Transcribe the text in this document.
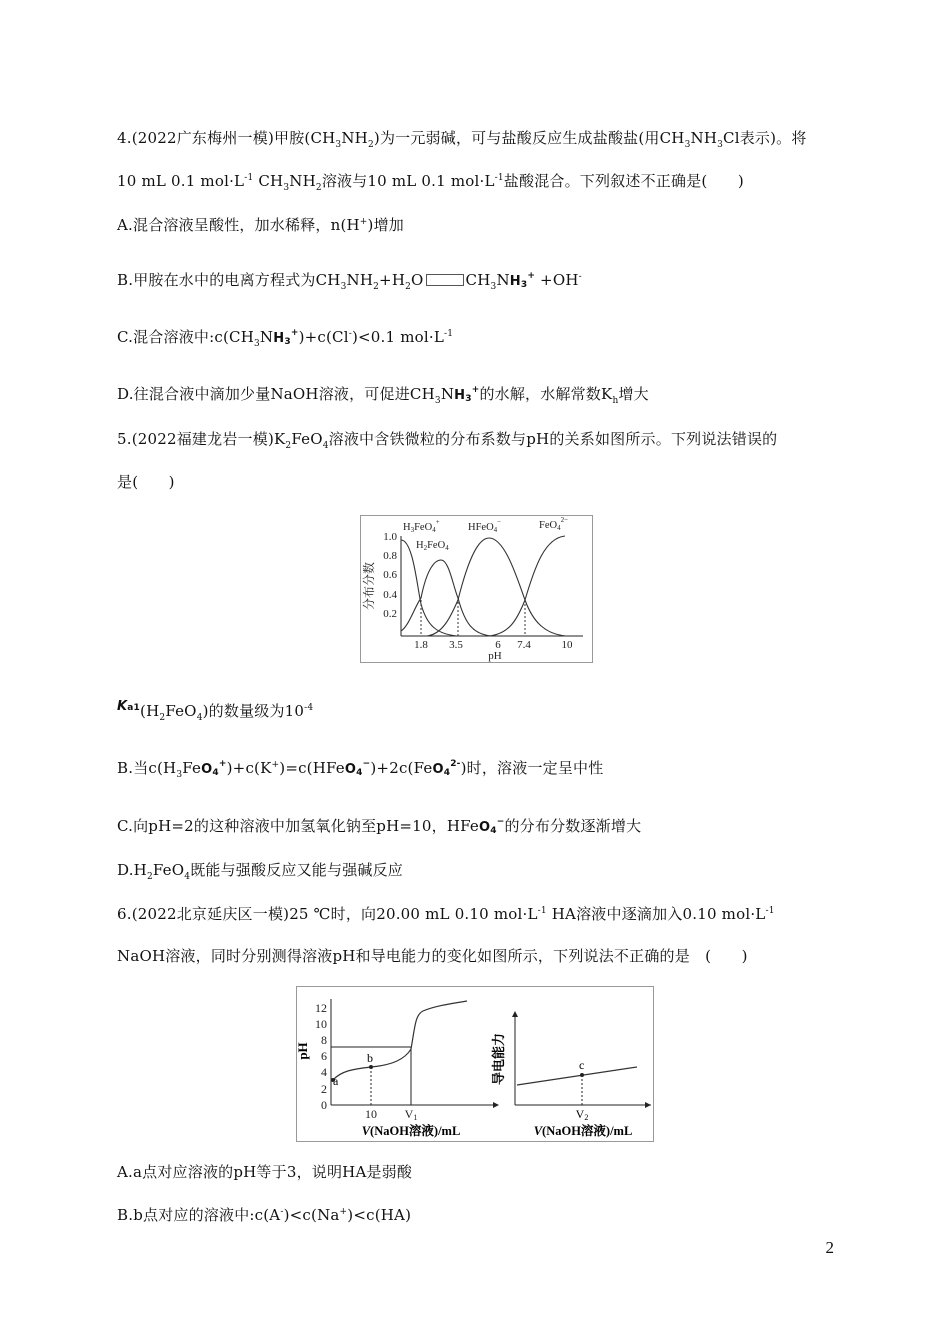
4.(2022广东梅州一模)甲胺$(CH_3NH_2)$为一元弱碱，可与盐酸反应生成盐酸盐(用$CH_3NH_3Cl$表示)。将
10 mL 0.1 $mol\cdot L^{-1}$ $CH_3NH_2$溶液与10 mL 0.1 $mol\cdot L^{-1}$盐酸混合。下列叙述不正确是(　　)
A.混合溶液呈酸性，加水稀释，n(H+)增加
B.甲胺在水中的电离方程式为$CH_3NH_2+H_2O$	$CH_3NH3^+ +OH^-$
C.混合溶液中$:c(CH_3NH3^+)+c(Cl^-)<0.1$ $mol\cdot L^{-1}$
D.往混合液中滴加少量NaOH溶液，可促进$CH_3NH3^+$的水解，水解常数$K_h$增大
5.(2022福建龙岩一模)$K_2FeO_4$溶液中含铁微粒的分布系数与pH的关系如图所示。下列说法错误的
是(　　)
1.0
0.8
0.6
0.4
0.2
分布分数
1.8 3.5	6 7.4	10
pH
H3FeO4+
H2FeO4
HFeO4−	$FeO4^{2-}$
$Ka1(H_2FeO_4)$的数量级为$10^{-4}$
B.当$c(H_3FeO4^+)+c(K^+)=c(HFeO4^-)+2c(FeO4^{2-})$时，溶液一定呈中性
C.向pH=2的这种溶液中加氢氧化钠至pH=10，HFeO4−的分布分数逐渐增大
$D.H_2FeO_4$既能与强酸反应又能与强碱反应
6.(2022北京延庆区一模)25 ℃时，向20.00 mL 0.10 $mol\cdot L^{-1}$ HA溶液中逐滴加入0.10 $mol\cdot L^{-1}$
NaOH溶液，同时分别测得溶液pH和导电能力的变化如图所示，下列说法不正确的是　(　　)
0
2
4
6
8
10
12
pH
a
b
10 V1
V(NaOH溶液)/mL
导电能力	c
V2
V(NaOH溶液)/mL
A.a点对应溶液的pH等于3，说明HA是弱酸
B.b点对应的溶液中:c(A-)<c(Na+)<c(HA)
2
